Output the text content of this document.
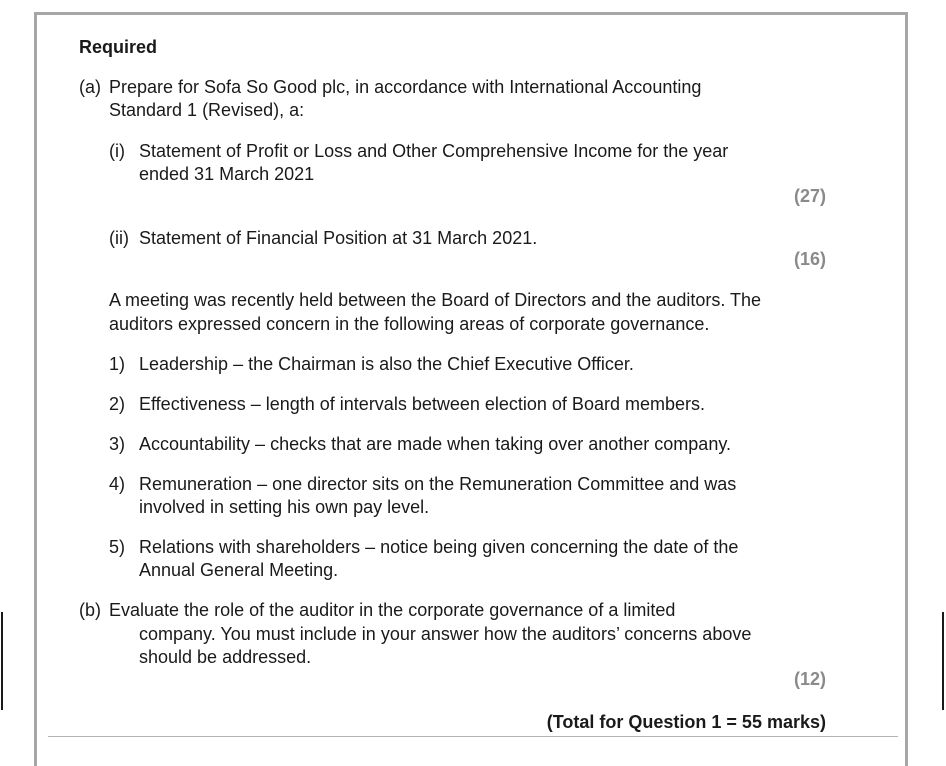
Required
(a) Prepare for Sofa So Good plc, in accordance with International Accounting
Standard 1 (Revised), a:
(i) Statement of Profit or Loss and Other Comprehensive Income for the year
ended 31 March 2021
(27)
(ii) Statement of Financial Position at 31 March 2021.
(16)
A meeting was recently held between the Board of Directors and the auditors. The
auditors expressed concern in the following areas of corporate governance.
1) Leadership – the Chairman is also the Chief Executive Officer.
2) Effectiveness – length of intervals between election of Board members.
3) Accountability – checks that are made when taking over another company.
4) Remuneration – one director sits on the Remuneration Committee and was
involved in setting his own pay level.
5) Relations with shareholders – notice being given concerning the date of the
Annual General Meeting.
(b) Evaluate the role of the auditor in the corporate governance of a limited
company. You must include in your answer how the auditors’ concerns above
should be addressed.
(12)
(Total for Question 1 = 55 marks)
